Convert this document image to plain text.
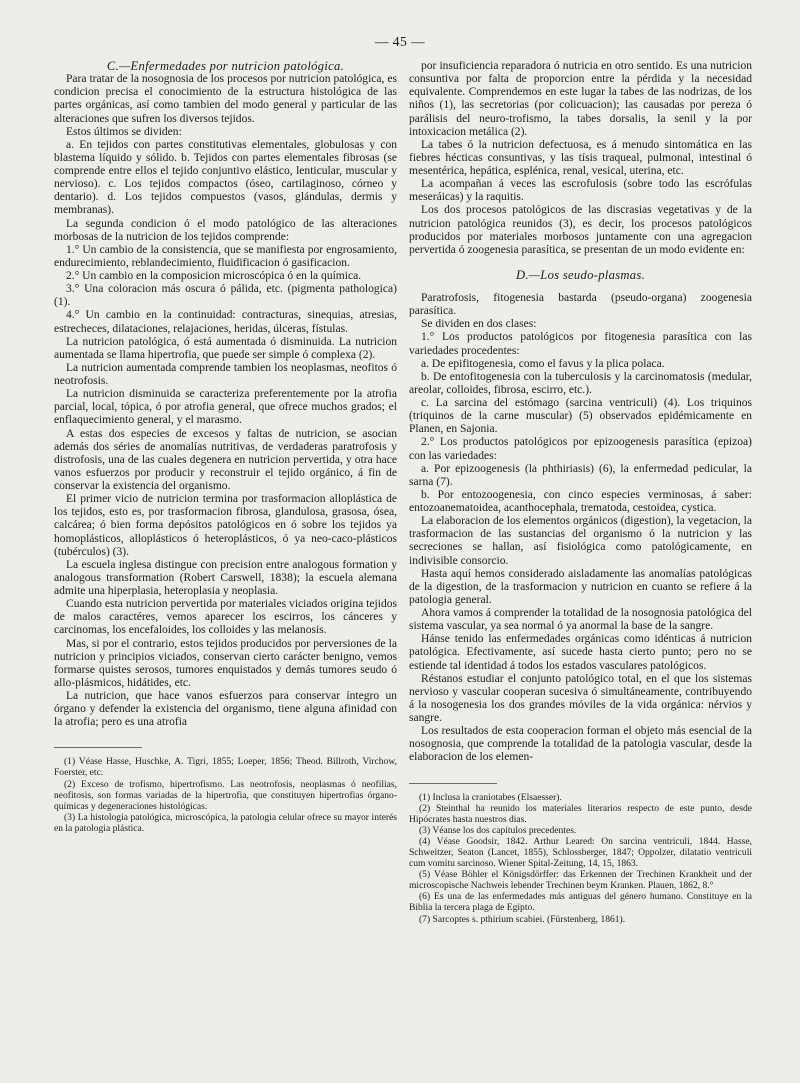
— 45 —

C.—Enfermedades por nutricion patológica.

Para tratar de la nosognosia de los procesos por nutricion patológica, es condicion precisa el conocimiento de la estructura histológica de las partes orgánicas, así como tambien del modo general y particular de las alteraciones que sufren los diversos tejidos.

Estos últimos se dividen:

a. En tejidos con partes constitutivas elementales, globulosas y con blastema líquido y sólido. b. Tejidos con partes elementales fibrosas (se comprende entre ellos el tejido conjuntivo elástico, lenticular, muscular y nervioso). c. Los tejidos compactos (óseo, cartilaginoso, córneo y dentario). d. Los tejidos compuestos (vasos, glándulas, dermis y membranas).

La segunda condicion ó el modo patológico de las alteraciones morbosas de la nutricion de los tejidos comprende:

1.° Un cambio de la consistencia, que se manifiesta por engrosamiento, endurecimiento, reblandecimiento, fluidificacion ó gasificacion.

2.° Un cambio en la composicion microscópica ó en la química.

3.° Una coloracion más oscura ó pálida, etc. (pigmenta pathologica) (1).

4.° Un cambio en la continuidad: contracturas, sinequias, atresias, estrecheces, dilataciones, relajaciones, heridas, úlceras, fístulas.

La nutricion patológica, ó está aumentada ó disminuida. La nutricion aumentada se llama hipertrofia, que puede ser simple ó complexa (2).

La nutricion aumentada comprende tambien los neoplasmas, neofitos ó neotrofosis.

La nutricion disminuida se caracteriza preferentemente por la atrofia parcial, local, tópica, ó por atrofia general, que ofrece muchos grados; el enflaquecimiento general, y el marasmo.

A estas dos especies de excesos y faltas de nutricion, se asocian además dos séries de anomalías nutritivas, de verdaderas paratrofosis y distrofosis, una de las cuales degenera en nutricion pervertida, y otra hace vanos esfuerzos por producir y reconstruir el tejido orgánico, á fin de conservar la existencia del organismo.

El primer vicio de nutricion termina por trasformacion alloplástica de los tejidos, esto es, por trasformacion fibrosa, glandulosa, grasosa, ósea, calcárea; ó bien forma depósitos patológicos en ó sobre los tejidos ya homoplásticos, alloplásticos ó heteroplásticos, ó ya neo-caco-plásticos (tubérculos) (3).

La escuela inglesa distingue con precision entre analogous formation y analogous transformation (Robert Carswell, 1838); la escuela alemana admite una hiperplasia, heteroplasia y neoplasia.

Cuando esta nutricion pervertida por materiales viciados origina tejidos de malos caractéres, vemos aparecer los escirros, los cánceres y carcinomas, los encefaloides, los colloides y las melanosis.

Mas, si por el contrario, estos tejidos producidos por perversiones de la nutricion y principios viciados, conservan cierto carácter benigno, vemos formarse quistes serosos, tumores enquistados y demás tumores seudo ó allo-plásmicos, hidátides, etc.

La nutricion, que hace vanos esfuerzos para conservar íntegro un órgano y defender la existencia del organismo, tiene alguna afinidad con la atrofia; pero es una atrofia

(1) Véase Hasse, Huschke, A. Tigri, 1855; Loeper, 1856; Theod. Billroth, Virchow, Foerster, etc.

(2) Exceso de trofismo, hipertrofismo. Las neotrofosis, neoplasmas ó neofilias, neofitosis, son formas variadas de la hipertrofia, que constituyen hipertrofias órgano-químicas y degeneraciones histológicas.

(3) La histologia patológica, microscópica, la patologia celular ofrece su mayor interés en la patologia plástica.

por insuficiencia reparadora ó nutricia en otro sentido. Es una nutricion consuntiva por falta de proporcion entre la pérdida y la necesidad equivalente. Comprendemos en este lugar la tabes de las nodrizas, de los niños (1), las secretorias (por colicuacion); las causadas por pereza ó parálisis del neuro-trofismo, la tabes dorsalis, la senil y la por intoxicacion metálica (2).

La tabes ó la nutricion defectuosa, es á menudo sintomática en las fiebres hécticas consuntivas, y las tísis traqueal, pulmonal, intestinal ó mesentérica, hepática, esplénica, renal, vesical, uterina, etc.

La acompañan á veces las escrofulosis (sobre todo las escrófulas meseráicas) y la raquitis.

Los dos procesos patológicos de las discrasias vegetativas y de la nutricion patológica reunidos (3), es decir, los procesos patológicos producidos por materiales morbosos juntamente con una agregacion pervertida ó zoogenesia parasítica, se presentan de un modo evidente en:

D.—Los seudo-plasmas.

Paratrofosis, fitogenesia bastarda (pseudo-organa) zoogenesia parasítica.

Se dividen en dos clases:

1.° Los productos patológicos por fitogenesia parasítica con las variedades procedentes:

a. De epifitogenesia, como el favus y la plica polaca.

b. De entofitogenesia con la tuberculosis y la carcinomatosis (medular, areolar, colloides, fibrosa, escirro, etc.).

c. La sarcina del estómago (sarcina ventriculi) (4). Los triquinos (triquinos de la carne muscular) (5) observados epidémicamente en Planen, en Sajonia.

2.° Los productos patológicos por epizoogenesis parasítica (epizoa) con las variedades:

a. Por epizoogenesis (la phthiriasis) (6), la enfermedad pedicular, la sarna (7).

b. Por entozoogenesia, con cinco especies verminosas, á saber: entozoanematoidea, acanthocephala, trematoda, cestoidea, cystica.

La elaboracion de los elementos orgánicos (digestion), la vegetacion, la trasformacion de las sustancias del organismo ó la nutricion y las secreciones se hallan, así fisiológica como patológicamente, en indivisible consorcio.

Hasta aquí hemos considerado aisladamente las anomalías patológicas de la digestion, de la trasformacion y nutricion en cuanto se refiere á la patologia general.

Ahora vamos á comprender la totalidad de la nosognosia patológica del sistema vascular, ya sea normal ó ya anormal la base de la sangre.

Hánse tenido las enfermedades orgánicas como idénticas á nutricion patológica. Efectivamente, así sucede hasta cierto punto; pero no se estiende tal identidad á todos los estados vasculares patológicos.

Réstanos estudiar el conjunto patológico total, en el que los sistemas nervioso y vascular cooperan sucesiva ó simultáneamente, contribuyendo á la nosogenesia los dos grandes móviles de la vida orgánica: nérvios y sangre.

Los resultados de esta cooperacion forman el objeto más esencial de la nosognosia, que comprende la totalidad de la patologia vascular, desde la elaboracion de los elemen-

(1) Inclusa la craniotabes (Elsaesser).

(2) Steinthal ha reunido los materiales literarios respecto de este punto, desde Hipócrates hasta nuestros dias.

(3) Véanse los dos capítulos precedentes.

(4) Véase Goodsir, 1842. Arthur Leared: On sarcina ventriculi, 1844. Hasse, Schweitzer, Seaton (Lancet, 1855), Schlossberger, 1847; Oppolzer, dilatatio ventriculi cum vomitu sarcinoso. Wiener Spital-Zeitung, 14, 15, 1863.

(5) Véase Böhler el Königsdörffer: das Erkennen der Trechinen Krankheit und der microscopische Nachweis lebender Trechinen beym Kranken. Plauen, 1862, 8.°

(6) Es una de las enfermedades más antiguas del género humano. Constituye en la Biblia la tercera plaga de Egipto.

(7) Sarcoptes s. pthirium scabiei. (Fürstenberg, 1861).
